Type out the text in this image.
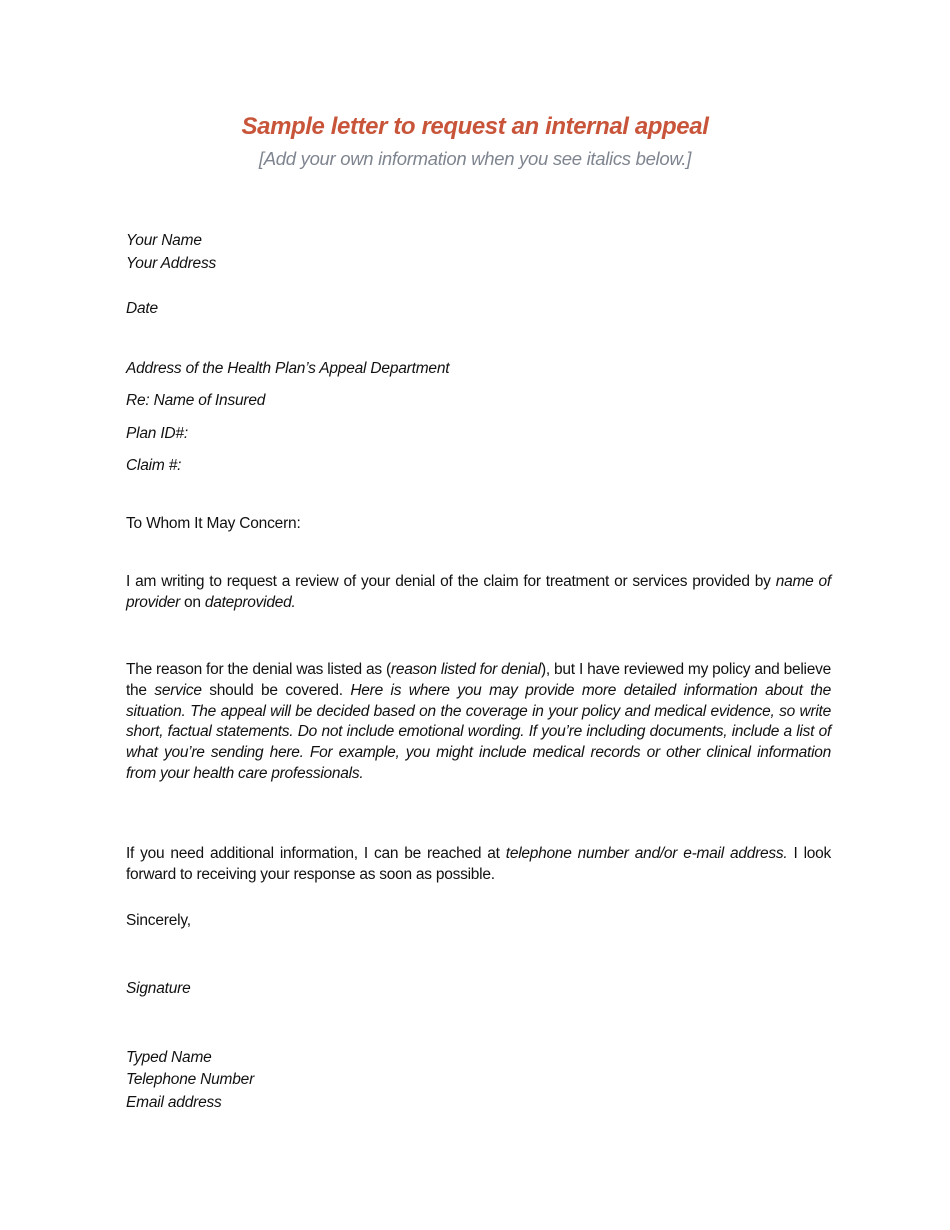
Sample letter to request an internal appeal
[Add your own information when you see italics below.]
Your Name
Your Address
Date
Address of the Health Plan’s Appeal Department
Re: Name of Insured
Plan ID#:
Claim #:
To Whom It May Concern:
I am writing to request a review of your denial of the claim for treatment or services provided by name of provider on dateprovided.
The reason for the denial was listed as (reason listed for denial), but I have reviewed my policy and believe the service should be covered. Here is where you may provide more detailed information about the situation. The appeal will be decided based on the coverage in your policy and medical evidence, so write short, factual statements. Do not include emotional wording. If you’re including documents, include a list of what you’re sending here. For example, you might include medical records or other clinical information from your health care professionals.
If you need additional information, I can be reached at telephone number and/or e-mail address. I look forward to receiving your response as soon as possible.
Sincerely,
Signature
Typed Name
Telephone Number
Email address
